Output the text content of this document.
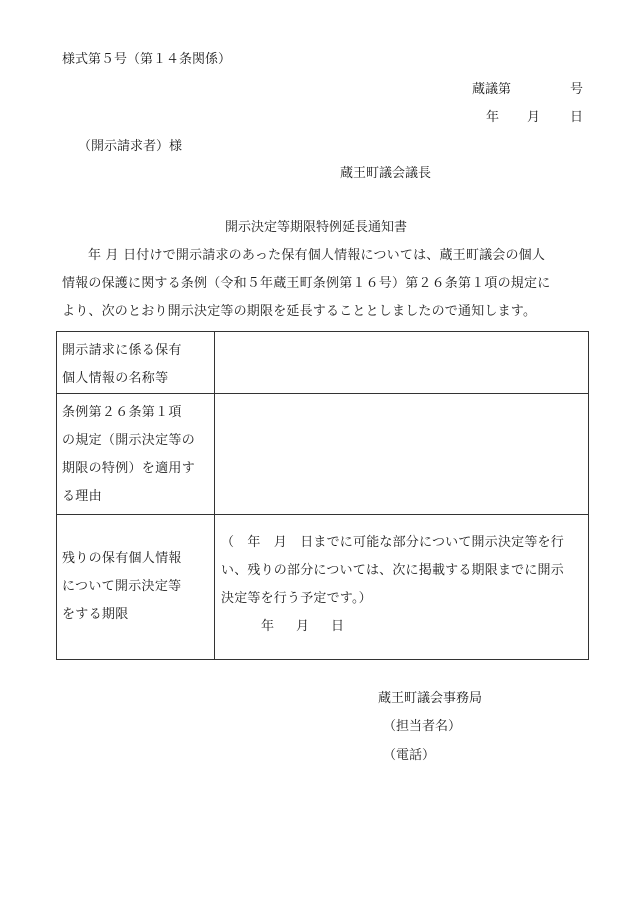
様式第５号（第１４条関係）
蔵議第	号
年 月 日
（開示請求者）様
蔵王町議会議長
開示決定等期限特例延長通知書
年 月 日付けで開示請求のあった保有個人情報については、蔵王町議会の個人
情報の保護に関する条例（令和５年蔵王町条例第１６号）第２６条第１項の規定に
より、次のとおり開示決定等の期限を延長することとしましたので通知します。
開示請求に係る保有
個人情報の名称等	

条例第２６条第１項
の規定（開示決定等の
期限の特例）を適用す
る理由	

残りの保有個人情報
について開示決定等
をする期限	（　年　月　日までに可能な部分について開示決定等を行
い、残りの部分については、次に掲載する期限までに開示
決定等を行う予定です。）
年 月 日
蔵王町議会事務局
（担当者名）
（電話）
